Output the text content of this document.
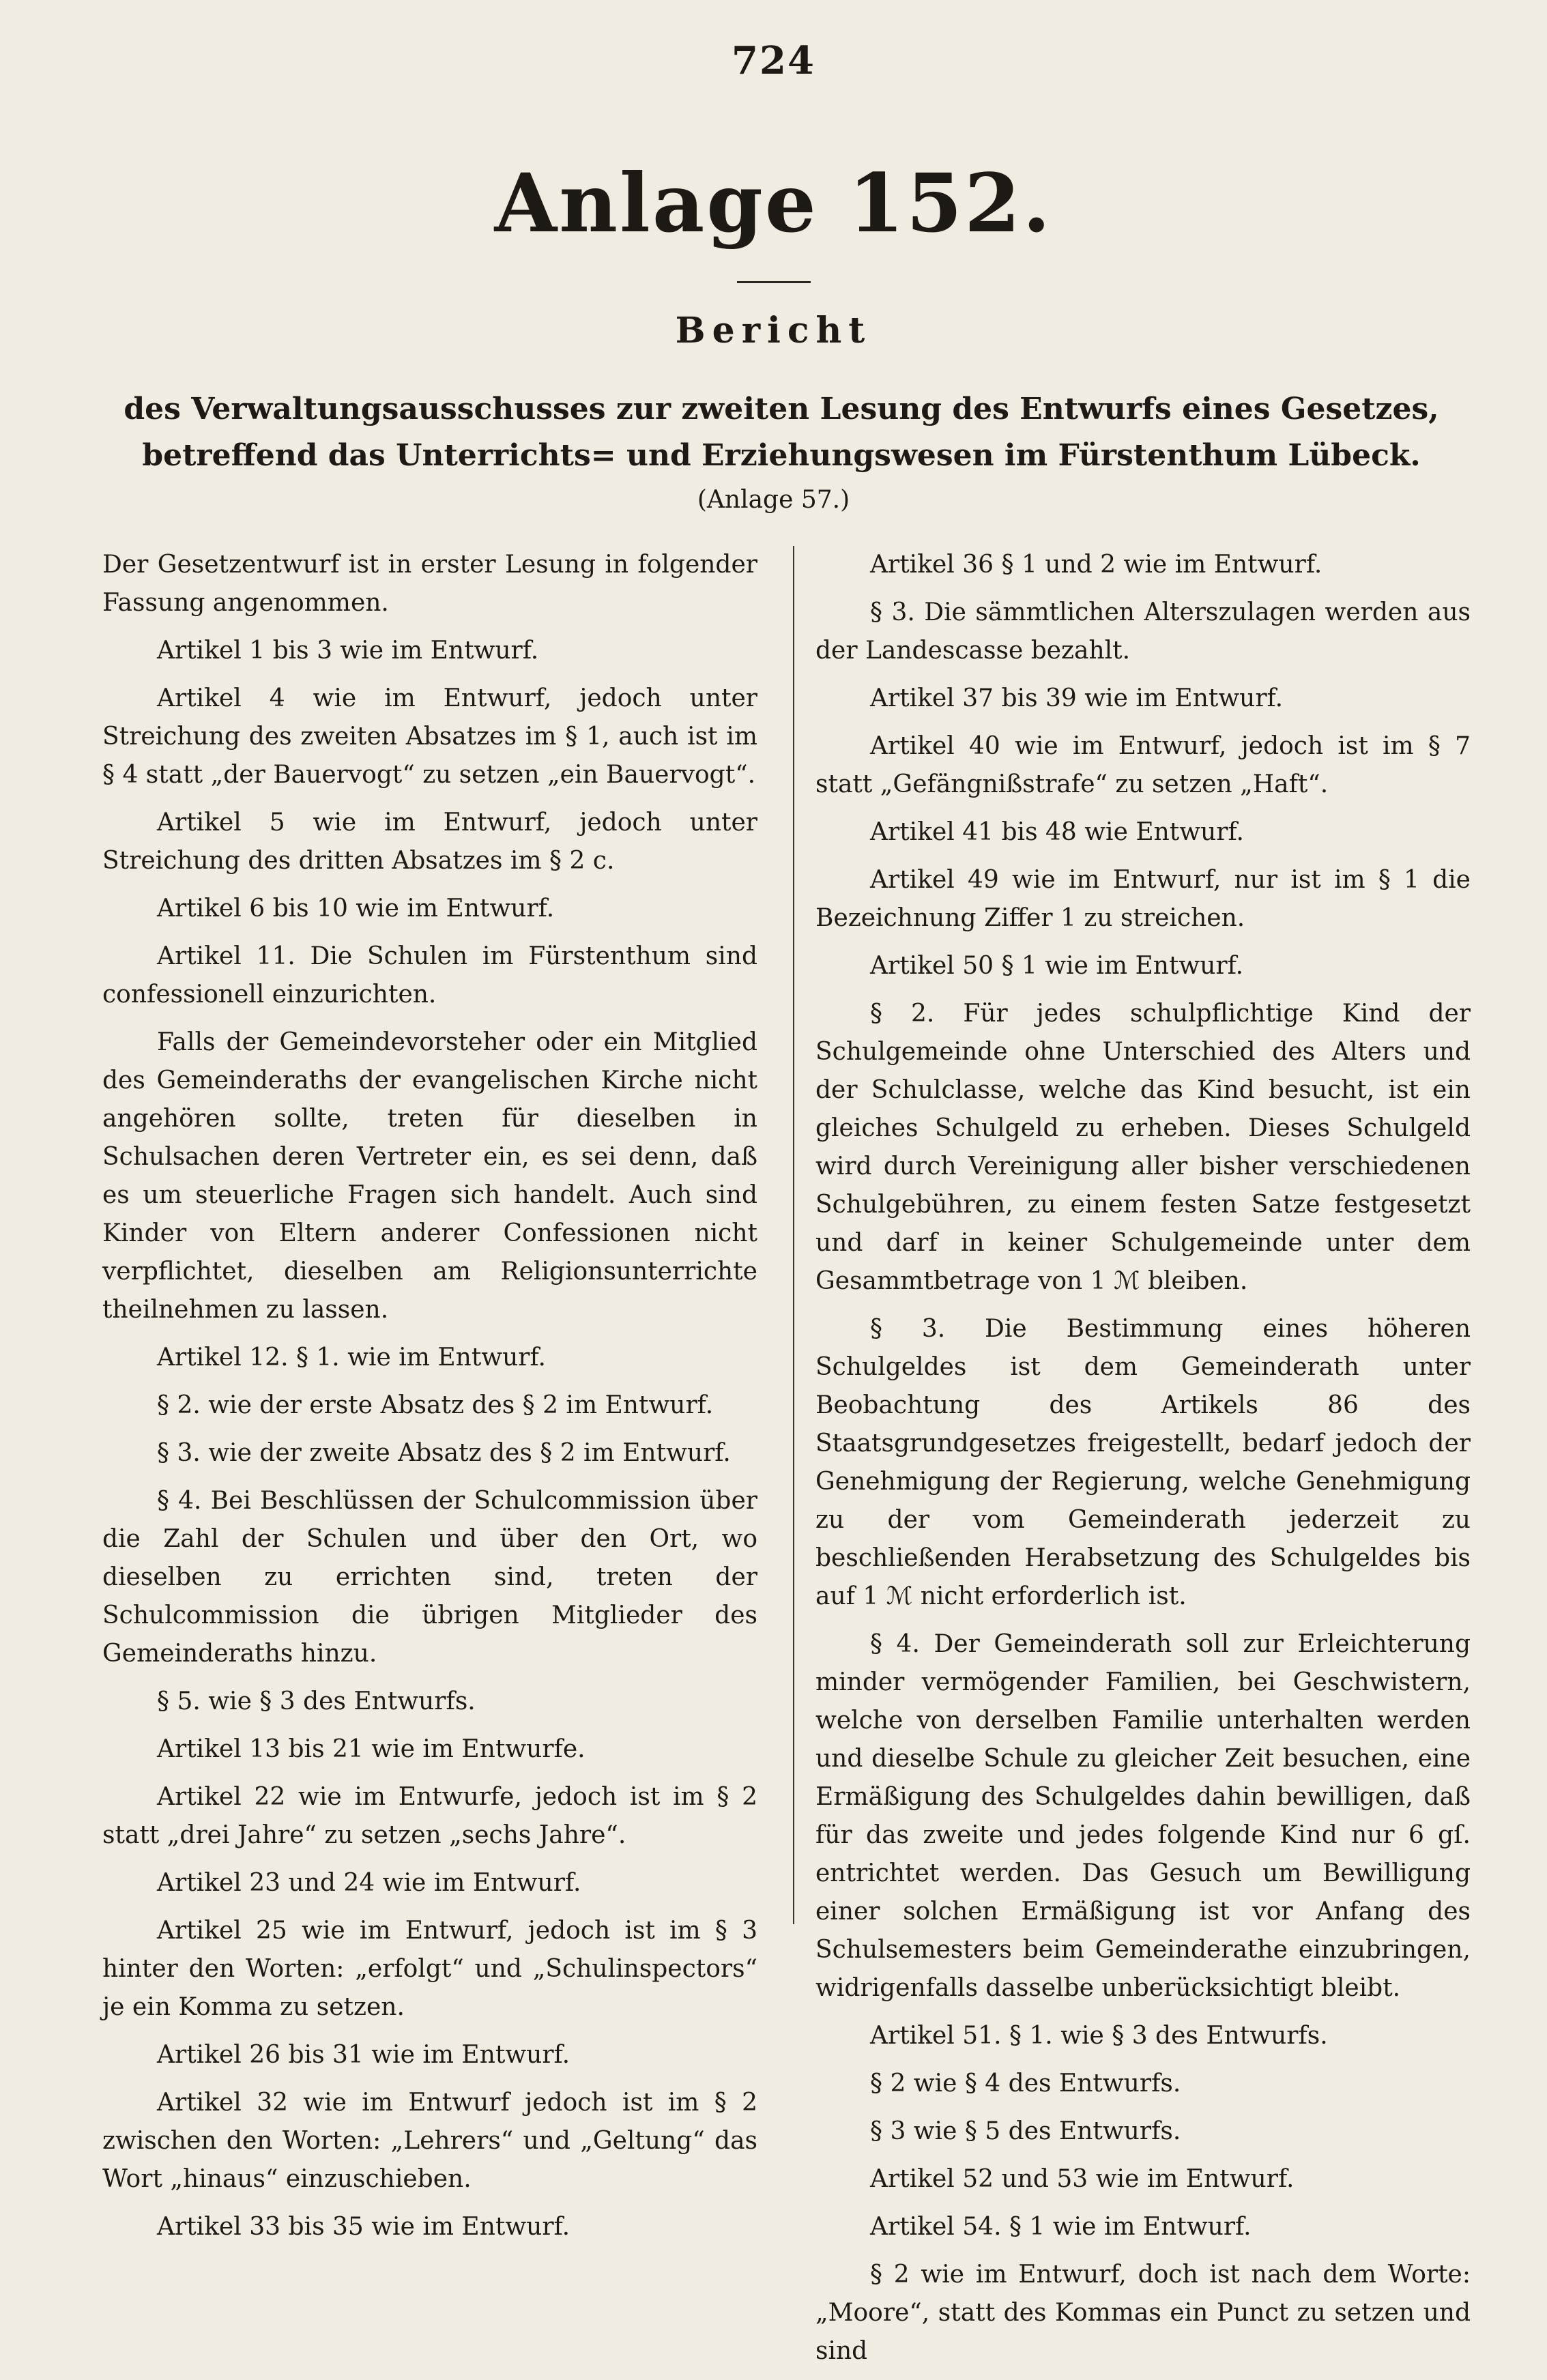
724
Anlage 152.
Bericht
des Verwaltungsausschusses zur zweiten Lesung des Entwurfs eines Gesetzes, betreffend das Unterrichts= und Erziehungswesen im Fürstenthum Lübeck.
(Anlage 57.)

Der Gesetzentwurf ist in erster Lesung in folgender Fassung angenommen.

Artikel 1 bis 3 wie im Entwurf.

Artikel 4 wie im Entwurf, jedoch unter Streichung des zweiten Absatzes im § 1, auch ist im § 4 statt „der Bauervogt“ zu setzen „ein Bauervogt“.

Artikel 5 wie im Entwurf, jedoch unter Streichung des dritten Absatzes im § 2 c.

Artikel 6 bis 10 wie im Entwurf.

Artikel 11. Die Schulen im Fürstenthum sind confessionell einzurichten.

Falls der Gemeindevorsteher oder ein Mitglied des Gemeinderaths der evangelischen Kirche nicht angehören sollte, treten für dieselben in Schulsachen deren Vertreter ein, es sei denn, daß es um steuerliche Fragen sich handelt. Auch sind Kinder von Eltern anderer Confessionen nicht verpflichtet, dieselben am Religionsunterrichte theilnehmen zu lassen.

Artikel 12. § 1. wie im Entwurf.

§ 2. wie der erste Absatz des § 2 im Entwurf.

§ 3. wie der zweite Absatz des § 2 im Entwurf.

§ 4. Bei Beschlüssen der Schulcommission über die Zahl der Schulen und über den Ort, wo dieselben zu errichten sind, treten der Schulcommission die übrigen Mitglieder des Gemeinderaths hinzu.

§ 5. wie § 3 des Entwurfs.

Artikel 13 bis 21 wie im Entwurfe.

Artikel 22 wie im Entwurfe, jedoch ist im § 2 statt „drei Jahre“ zu setzen „sechs Jahre“.

Artikel 23 und 24 wie im Entwurf.

Artikel 25 wie im Entwurf, jedoch ist im § 3 hinter den Worten: „erfolgt“ und „Schulinspectors“ je ein Komma zu setzen.

Artikel 26 bis 31 wie im Entwurf.

Artikel 32 wie im Entwurf jedoch ist im § 2 zwischen den Worten: „Lehrers“ und „Geltung“ das Wort „hinaus“ einzuschieben.

Artikel 33 bis 35 wie im Entwurf.

Artikel 36 § 1 und 2 wie im Entwurf.

§ 3. Die sämmtlichen Alterszulagen werden aus der Landescasse bezahlt.

Artikel 37 bis 39 wie im Entwurf.

Artikel 40 wie im Entwurf, jedoch ist im § 7 statt „Gefängnißstrafe“ zu setzen „Haft“.

Artikel 41 bis 48 wie Entwurf.

Artikel 49 wie im Entwurf, nur ist im § 1 die Bezeichnung Ziffer 1 zu streichen.

Artikel 50 § 1 wie im Entwurf.

§ 2. Für jedes schulpflichtige Kind der Schulgemeinde ohne Unterschied des Alters und der Schulclasse, welche das Kind besucht, ist ein gleiches Schulgeld zu erheben. Dieses Schulgeld wird durch Vereinigung aller bisher verschiedenen Schulgebühren, zu einem festen Satze festgesetzt und darf in keiner Schulgemeinde unter dem Gesammtbetrage von 1 ℳ bleiben.

§ 3. Die Bestimmung eines höheren Schulgeldes ist dem Gemeinderath unter Beobachtung des Artikels 86 des Staatsgrundgesetzes freigestellt, bedarf jedoch der Genehmigung der Regierung, welche Genehmigung zu der vom Gemeinderath jederzeit zu beschließenden Herabsetzung des Schulgeldes bis auf 1 ℳ nicht erforderlich ist.

§ 4. Der Gemeinderath soll zur Erleichterung minder vermögender Familien, bei Geschwistern, welche von derselben Familie unterhalten werden und dieselbe Schule zu gleicher Zeit besuchen, eine Ermäßigung des Schulgeldes dahin bewilligen, daß für das zweite und jedes folgende Kind nur 6 gſ. entrichtet werden. Das Gesuch um Bewilligung einer solchen Ermäßigung ist vor Anfang des Schulsemesters beim Gemeinderathe einzubringen, widrigenfalls dasselbe unberücksichtigt bleibt.

Artikel 51. § 1. wie § 3 des Entwurfs.

§ 2 wie § 4 des Entwurfs.

§ 3 wie § 5 des Entwurfs.

Artikel 52 und 53 wie im Entwurf.

Artikel 54. § 1 wie im Entwurf.

§ 2 wie im Entwurf, doch ist nach dem Worte: „Moore“, statt des Kommas ein Punct zu setzen und sind
